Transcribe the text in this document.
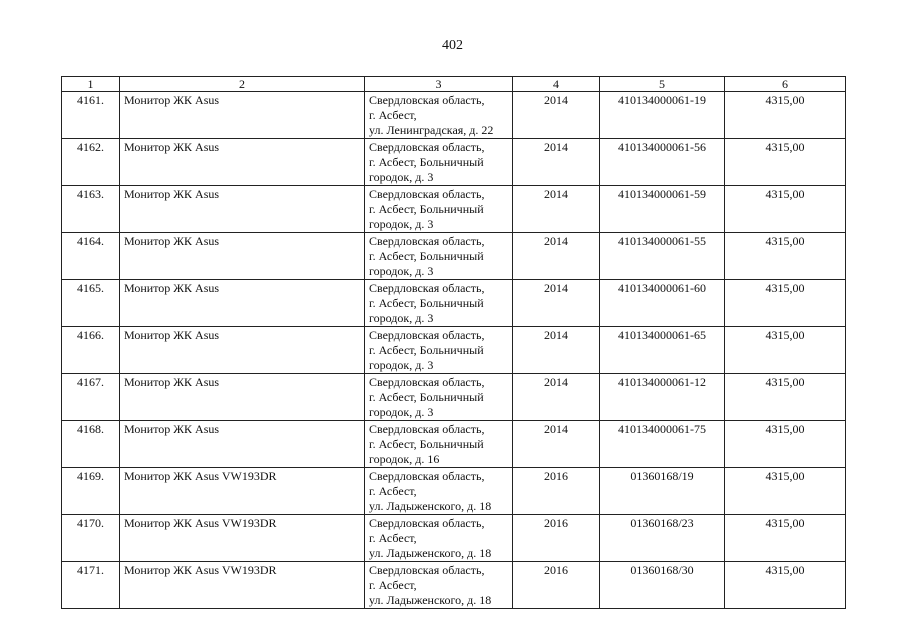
402
1	2	3	4	5	6
4161.	Монитор ЖК Asus	Свердловская область,
г. Асбест,
ул. Ленинградская, д. 22	2014	410134000061-19	4315,00
4162.	Монитор ЖК Asus	Свердловская область,
г. Асбест, Больничный
городок, д. 3	2014	410134000061-56	4315,00
4163.	Монитор ЖК Asus	Свердловская область,
г. Асбест, Больничный
городок, д. 3	2014	410134000061-59	4315,00
4164.	Монитор ЖК Asus	Свердловская область,
г. Асбест, Больничный
городок, д. 3	2014	410134000061-55	4315,00
4165.	Монитор ЖК Asus	Свердловская область,
г. Асбест, Больничный
городок, д. 3	2014	410134000061-60	4315,00
4166.	Монитор ЖК Asus	Свердловская область,
г. Асбест, Больничный
городок, д. 3	2014	410134000061-65	4315,00
4167.	Монитор ЖК Asus	Свердловская область,
г. Асбест, Больничный
городок, д. 3	2014	410134000061-12	4315,00
4168.	Монитор ЖК Asus	Свердловская область,
г. Асбест, Больничный
городок, д. 16	2014	410134000061-75	4315,00
4169.	Монитор ЖК Asus VW193DR	Свердловская область,
г. Асбест,
ул. Ладыженского, д. 18	2016	01360168/19	4315,00
4170.	Монитор ЖК Asus VW193DR	Свердловская область,
г. Асбест,
ул. Ладыженского, д. 18	2016	01360168/23	4315,00
4171.	Монитор ЖК Asus VW193DR	Свердловская область,
г. Асбест,
ул. Ладыженского, д. 18	2016	01360168/30	4315,00
